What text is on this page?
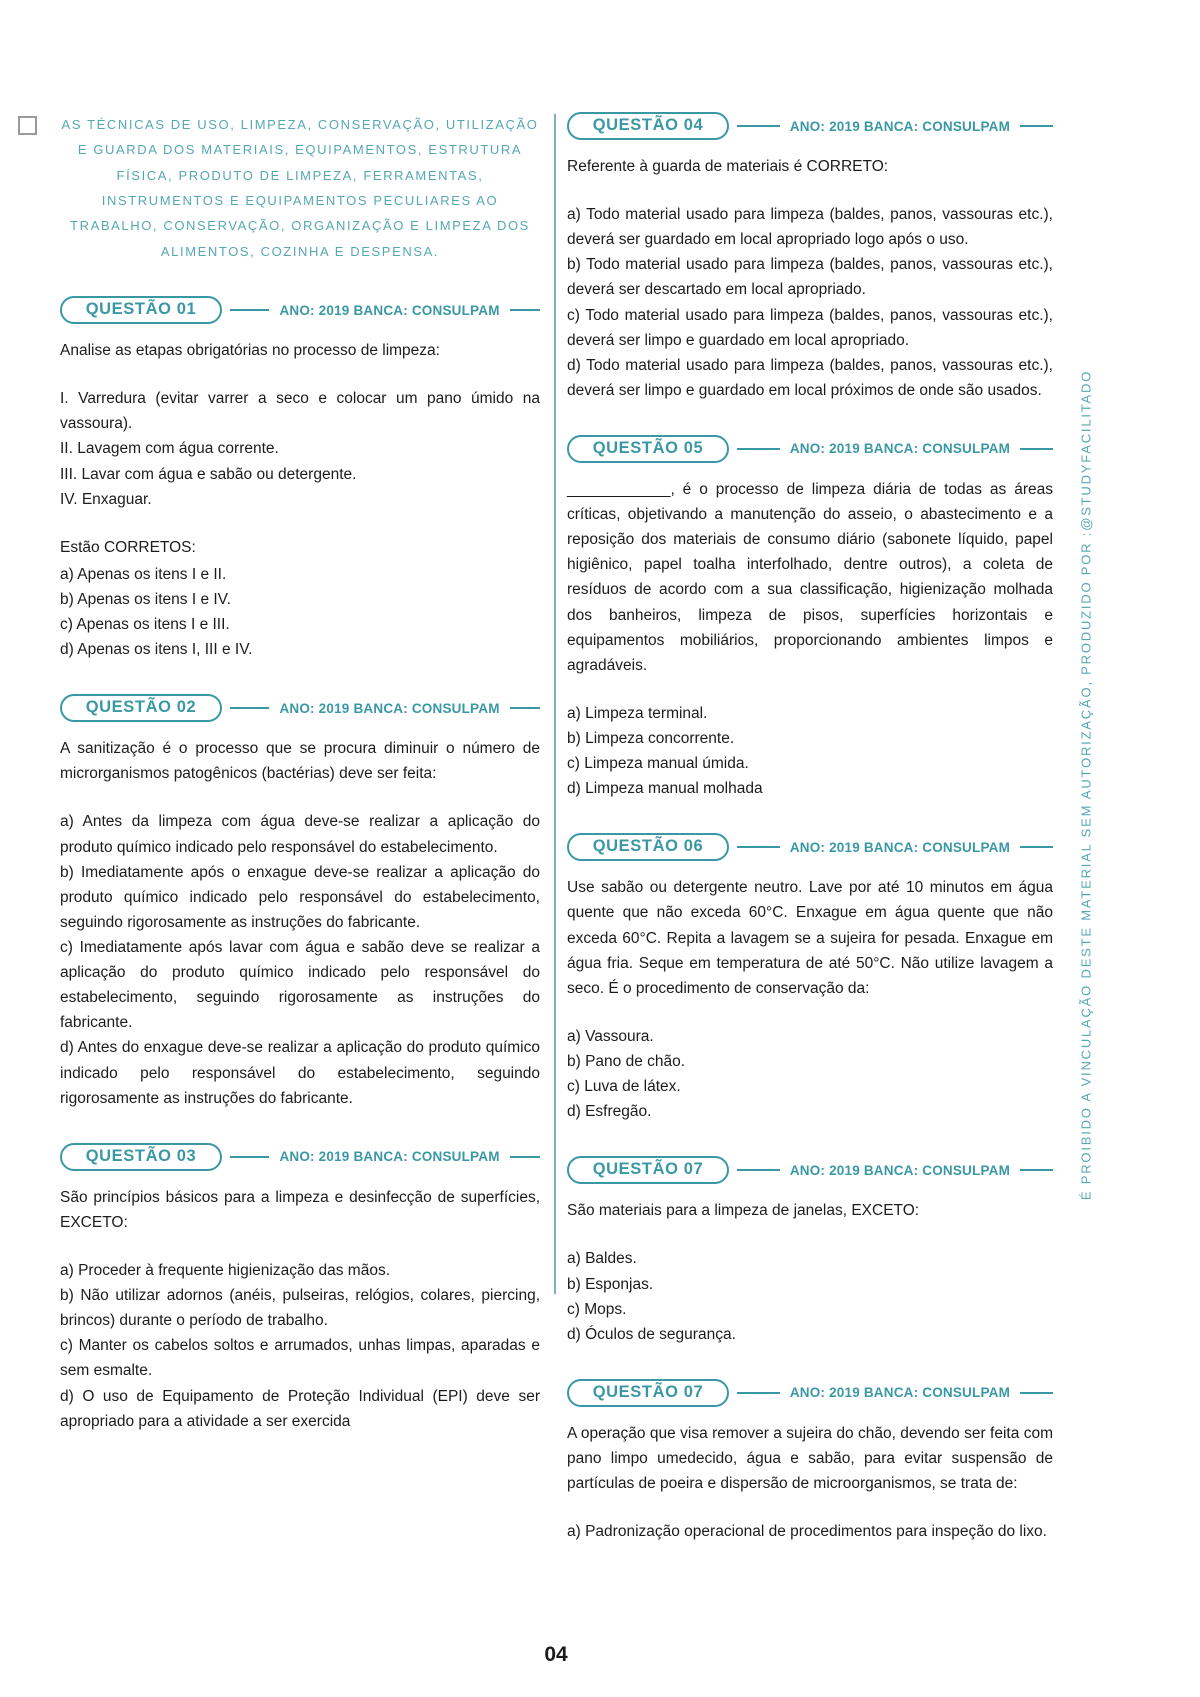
AS TÉCNICAS DE USO, LIMPEZA, CONSERVAÇÃO, UTILIZAÇÃO E GUARDA DOS MATERIAIS, EQUIPAMENTOS, ESTRUTURA FÍSICA, PRODUTO DE LIMPEZA, FERRAMENTAS, INSTRUMENTOS E EQUIPAMENTOS PECULIARES AO TRABALHO, CONSERVAÇÃO, ORGANIZAÇÃO E LIMPEZA DOS ALIMENTOS, COZINHA E DESPENSA.

QUESTÃO 01	ANO: 2019 BANCA: CONSULPAM

Analise as etapas obrigatórias no processo de limpeza:

I. Varredura (evitar varrer a seco e colocar um pano úmido na vassoura).

II. Lavagem com água corrente.

III. Lavar com água e sabão ou detergente.

IV. Enxaguar.

Estão CORRETOS:

a) Apenas os itens I e II.

b) Apenas os itens I e IV.

c) Apenas os itens I e III.

d) Apenas os itens I, III e IV.

QUESTÃO 02	ANO: 2019 BANCA: CONSULPAM

A sanitização é o processo que se procura diminuir o número de microrganismos patogênicos (bactérias) deve ser feita:

a) Antes da limpeza com água deve-se realizar a aplicação do produto químico indicado pelo responsável do estabelecimento.

b) Imediatamente após o enxague deve-se realizar a aplicação do produto químico indicado pelo responsável do estabelecimento, seguindo rigorosamente as instruções do fabricante.

c) Imediatamente após lavar com água e sabão deve se realizar a aplicação do produto químico indicado pelo responsável do estabelecimento, seguindo rigorosamente as instruções do fabricante.

d) Antes do enxague deve-se realizar a aplicação do produto químico indicado pelo responsável do estabelecimento, seguindo rigorosamente as instruções do fabricante.

QUESTÃO 03	ANO: 2019 BANCA: CONSULPAM

São princípios básicos para a limpeza e desinfecção de superfícies, EXCETO:

a) Proceder à frequente higienização das mãos.

b) Não utilizar adornos (anéis, pulseiras, relógios, colares, piercing, brincos) durante o período de trabalho.

c) Manter os cabelos soltos e arrumados, unhas limpas, aparadas e sem esmalte.

d) O uso de Equipamento de Proteção Individual (EPI) deve ser apropriado para a atividade a ser exercida

QUESTÃO 04	ANO: 2019 BANCA: CONSULPAM

Referente à guarda de materiais é CORRETO:

a) Todo material usado para limpeza (baldes, panos, vassouras etc.), deverá ser guardado em local apropriado logo após o uso.

b) Todo material usado para limpeza (baldes, panos, vassouras etc.), deverá ser descartado em local apropriado.

c) Todo material usado para limpeza (baldes, panos, vassouras etc.), deverá ser limpo e guardado em local apropriado.

d) Todo material usado para limpeza (baldes, panos, vassouras etc.), deverá ser limpo e guardado em local próximos de onde são usados.

QUESTÃO 05	ANO: 2019 BANCA: CONSULPAM

____________, é o processo de limpeza diária de todas as áreas críticas, objetivando a manutenção do asseio, o abastecimento e a reposição dos materiais de consumo diário (sabonete líquido, papel higiênico, papel toalha interfolhado, dentre outros), a coleta de resíduos de acordo com a sua classificação, higienização molhada dos banheiros, limpeza de pisos, superfícies horizontais e equipamentos mobiliários, proporcionando ambientes limpos e agradáveis.

a) Limpeza terminal.

b) Limpeza concorrente.

c) Limpeza manual úmida.

d) Limpeza manual molhada

QUESTÃO 06	ANO: 2019 BANCA: CONSULPAM

Use sabão ou detergente neutro. Lave por até 10 minutos em água quente que não exceda 60°C. Enxague em água quente que não exceda 60°C. Repita a lavagem se a sujeira for pesada. Enxague em água fria. Seque em temperatura de até 50°C. Não utilize lavagem a seco. É o procedimento de conservação da:

a) Vassoura.

b) Pano de chão.

c) Luva de látex.

d) Esfregão.

QUESTÃO 07	ANO: 2019 BANCA: CONSULPAM

São materiais para a limpeza de janelas, EXCETO:

a) Baldes.

b) Esponjas.

c) Mops.

d) Óculos de segurança.

QUESTÃO 07	ANO: 2019 BANCA: CONSULPAM

A operação que visa remover a sujeira do chão, devendo ser feita com pano limpo umedecido, água e sabão, para evitar suspensão de partículas de poeira e dispersão de microorganismos, se trata de:

a) Padronização operacional de procedimentos para inspeção do lixo.

É PROIBIDO A VINCULAÇÃO DESTE MATERIAL SEM AUTORIZAÇÃO, PRODUZIDO POR :@STUDYFACILITADO
04
